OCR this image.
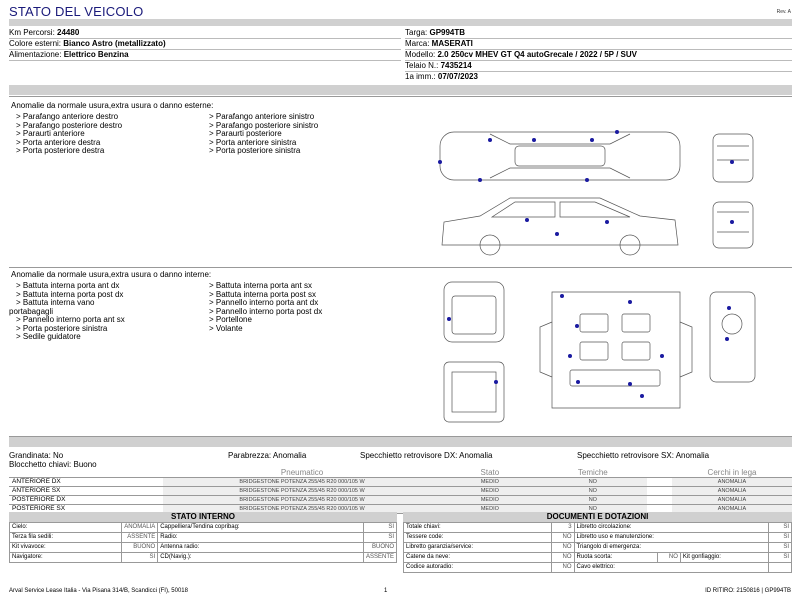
STATO DEL VEICOLO	Rev. A
Km Percorsi: 24480
Colore esterni: Bianco Astro (metallizzato)
Alimentazione: Elettrico Benzina
Targa: GP994TB
Marca: MASERATI
Modello: 2.0 250cv MHEV GT Q4 autoGrecale / 2022 / 5P / SUV
Telaio N.: 7435214
1a imm.: 07/07/2023
Anomalie da normale usura,extra usura o danno esterne:
> Parafango anteriore destro
> Parafango posteriore destro
> Paraurti anteriore
> Porta anteriore destra
> Porta posteriore destra
> Parafango anteriore sinistro
> Parafango posteriore sinistro
> Paraurti posteriore
> Porta anteriore sinistra
> Porta posteriore sinistra
Anomalie da normale usura,extra usura o danno interne:
> Battuta interna porta ant dx
> Battuta interna porta post dx
> Battuta interna vano
portabagagli
> Pannello interno porta ant sx
> Porta posteriore sinistra
> Sedile guidatore
> Battuta interna porta ant sx
> Battuta interna porta post sx
> Pannello interno porta ant dx
> Pannello interno porta post dx
> Portellone
> Volante
Grandinata: No	Parabrezza: Anomalia	Specchietto retrovisore DX: Anomalia	Specchietto retrovisore SX: Anomalia
Blocchetto chiavi: Buono
	Pneumatico	Stato	Temiche		Cerchi in lega
ANTERIORE DX	BRIDGESTONE POTENZA 255/45 R20 000/105 W	MEDIO	NO		ANOMALIA
ANTERIORE SX	BRIDGESTONE POTENZA 255/45 R20 000/105 W	MEDIO	NO		ANOMALIA
POSTERIORE DX	BRIDGESTONE POTENZA 255/45 R20 000/105 W	MEDIO	NO		ANOMALIA
POSTERIORE SX	BRIDGESTONE POTENZA 255/45 R20 000/105 W	MEDIO	NO		ANOMALIA
STATO INTERNO
Cielo:	ANOMALIA	Cappelliera/Tendina copribag:	SI
Terza fila sedili:	ASSENTE	Radio:	SI
Kit vivavoce:	BUONO	Antenna radio:	BUONO
Navigatore:	SI	CD(Navig.):	ASSENTE
DOCUMENTI E DOTAZIONI
Totale chiavi:	3	Libretto circolazione:			SI
Tessere code:	NO	Libretto uso e manutenzione:			SI
Libretto garanzia/service:	NO	Triangolo di emergenza:			SI
Catene da neve:	NO	Ruota scorta:	NO	Kit gonfiaggio:	SI
Codice autoradio:	NO	Cavo elettrico:			
Arval Service Lease Italia - Via Pisana 314/B, Scandicci (FI), 50018	1	ID RITIRO: 2150816 | GP994TB
